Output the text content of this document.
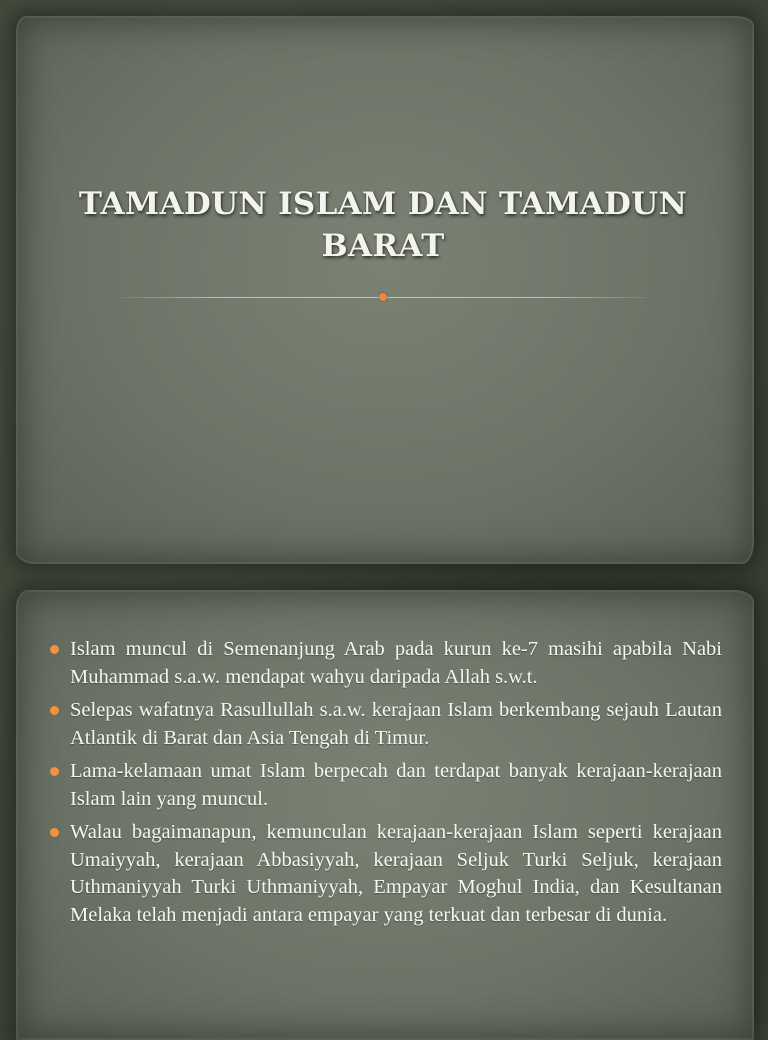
TAMADUN ISLAM DAN TAMADUN BARAT
Islam muncul di Semenanjung Arab pada kurun ke-7 masihi apabila Nabi Muhammad s.a.w. mendapat wahyu daripada Allah s.w.t.
Selepas wafatnya Rasullullah s.a.w. kerajaan Islam berkembang sejauh Lautan Atlantik di Barat dan Asia Tengah di Timur.
Lama-kelamaan umat Islam berpecah dan terdapat banyak kerajaan-kerajaan Islam lain yang muncul.
Walau bagaimanapun, kemunculan kerajaan-kerajaan Islam seperti kerajaan Umaiyyah, kerajaan Abbasiyyah, kerajaan Seljuk Turki Seljuk, kerajaan Uthmaniyyah Turki Uthmaniyyah, Empayar Moghul India, dan Kesultanan Melaka telah menjadi antara empayar yang terkuat dan terbesar di dunia.
